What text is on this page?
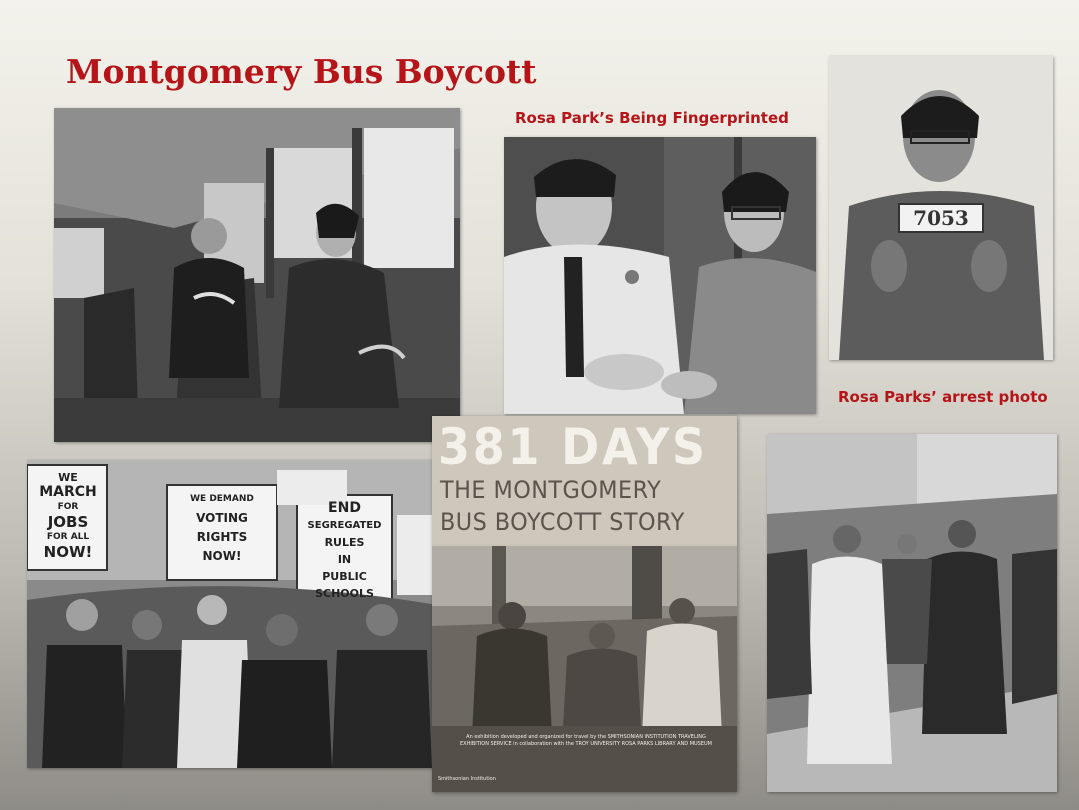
Montgomery Bus Boycott
Rosa Park’s Being Fingerprinted
7053
Rosa Parks’ arrest photo
WE
MARCH
FOR
JOBS
FOR ALL
NOW!
WE DEMAND
VOTING
RIGHTS
NOW!
END
SEGREGATED
RULES
IN
PUBLIC
SCHOOLS
381 DAYS
THE MONTGOMERY
BUS BOYCOTT STORY
An exhibition developed and organized for travel by the SMITHSONIAN INSTITUTION TRAVELING EXHIBITION SERVICE in collaboration with the TROY UNIVERSITY ROSA PARKS LIBRARY AND MUSEUM
Smithsonian Institution
